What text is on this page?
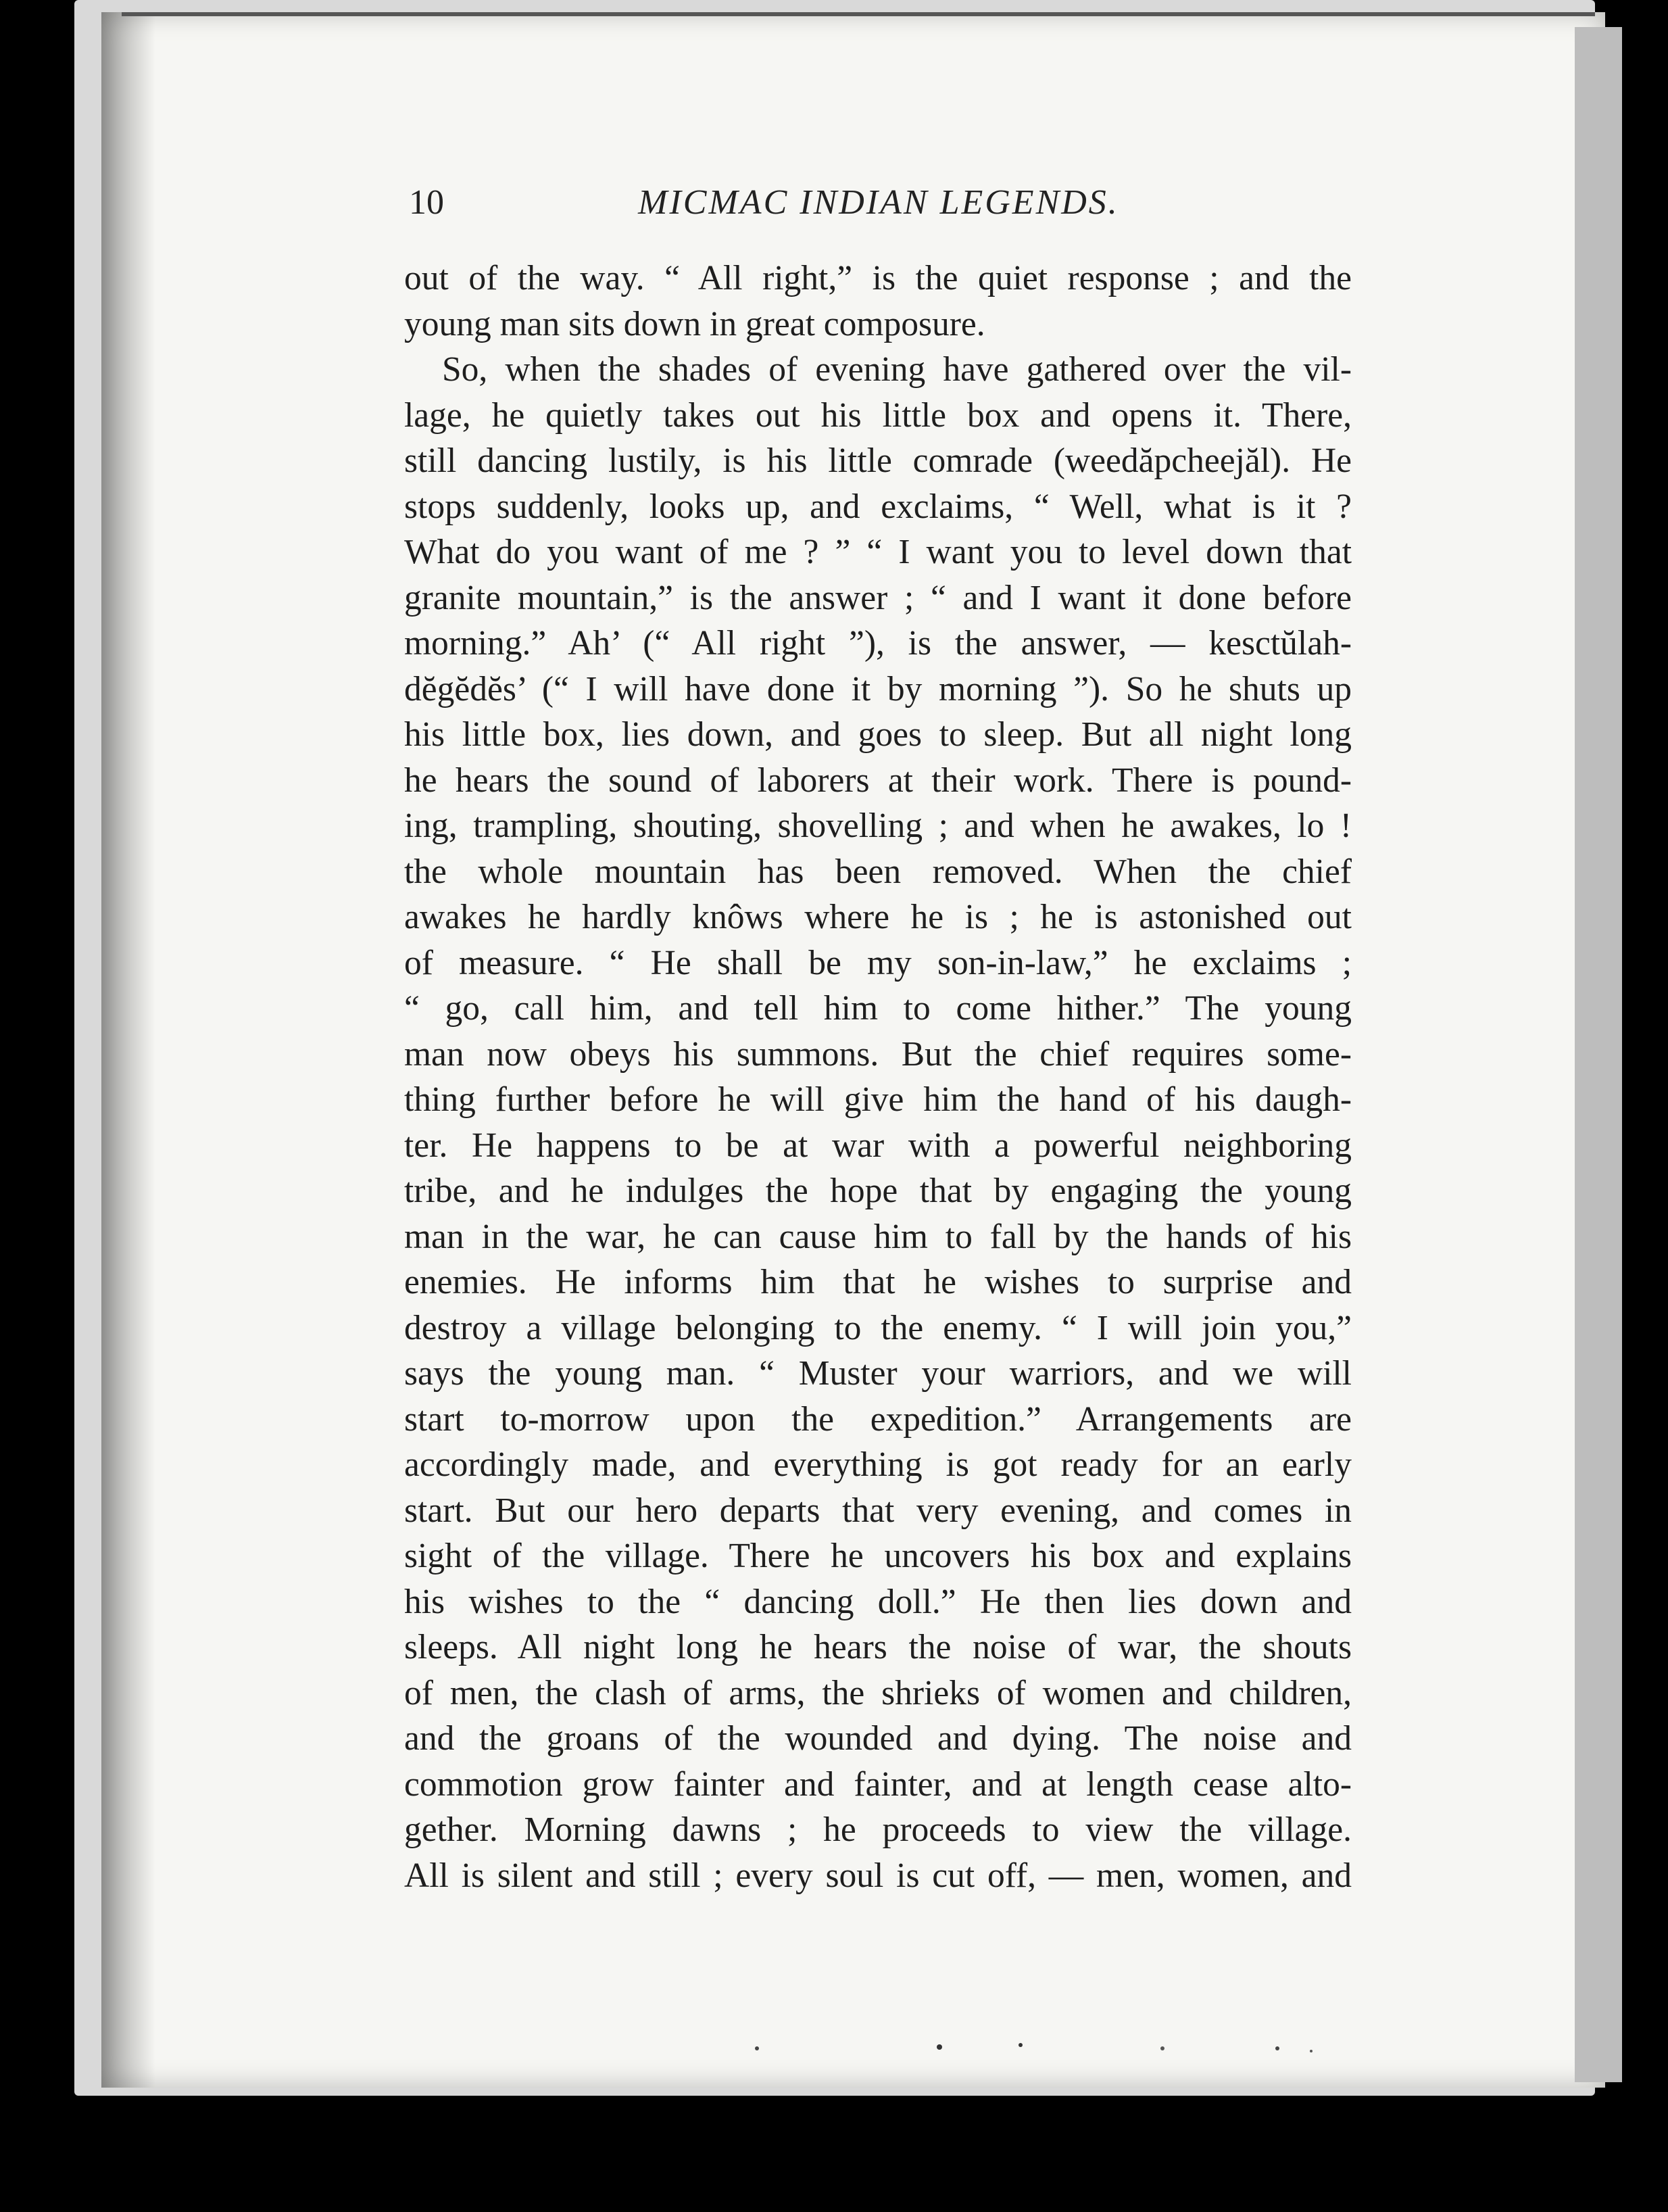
10	MICMAC INDIAN LEGENDS.
out of the way. “ All right,” is the quiet response ; and the
young man sits down in great composure.
So, when the shades of evening have gathered over the vil-
lage, he quietly takes out his little box and opens it. There,
still dancing lustily, is his little comrade (weedăpcheejăl). He
stops suddenly, looks up, and exclaims, “ Well, what is it ?
What do you want of me ? ” “ I want you to level down that
granite mountain,” is the answer ; “ and I want it done before
morning.” Ah’ (“ All right ”), is the answer, — kesctŭlah-
dĕgĕdĕs’ (“ I will have done it by morning ”). So he shuts up
his little box, lies down, and goes to sleep. But all night long
he hears the sound of laborers at their work. There is pound-
ing, trampling, shouting, shovelling ; and when he awakes, lo !
the whole mountain has been removed. When the chief
awakes he hardly knôws where he is ; he is astonished out
of measure. “ He shall be my son-in-law,” he exclaims ;
“ go, call him, and tell him to come hither.” The young
man now obeys his summons. But the chief requires some-
thing further before he will give him the hand of his daugh-
ter. He happens to be at war with a powerful neighboring
tribe, and he indulges the hope that by engaging the young
man in the war, he can cause him to fall by the hands of his
enemies. He informs him that he wishes to surprise and
destroy a village belonging to the enemy. “ I will join you,”
says the young man. “ Muster your warriors, and we will
start to-morrow upon the expedition.” Arrangements are
accordingly made, and everything is got ready for an early
start. But our hero departs that very evening, and comes in
sight of the village. There he uncovers his box and explains
his wishes to the “ dancing doll.” He then lies down and
sleeps. All night long he hears the noise of war, the shouts
of men, the clash of arms, the shrieks of women and children,
and the groans of the wounded and dying. The noise and
commotion grow fainter and fainter, and at length cease alto-
gether. Morning dawns ; he proceeds to view the village.
All is silent and still ; every soul is cut off, — men, women, and
